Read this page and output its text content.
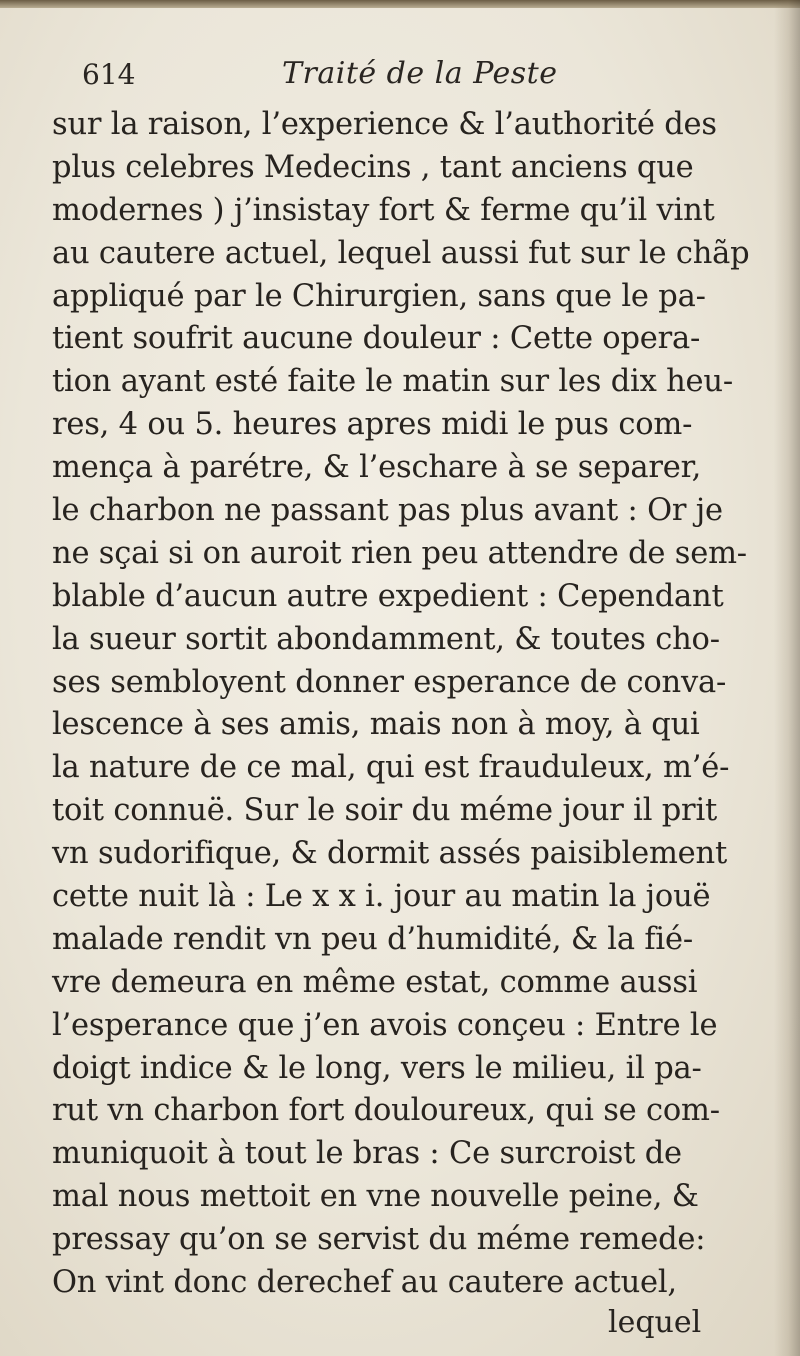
614	Traité de la Peste
sur la raison, l’experience & l’authorité des
plus celebres Medecins , tant anciens que
modernes ) j’insistay fort & ferme qu’il vint
au cautere actuel, lequel aussi fut sur le chãp
appliqué par le Chirurgien, sans que le pa-
tient soufrit aucune douleur : Cette opera-
tion ayant esté faite le matin sur les dix heu-
res, 4 ou 5. heures apres midi le pus com-
mença à parétre, & l’eschare à se separer,
le charbon ne passant pas plus avant : Or je
ne sçai si on auroit rien peu attendre de sem-
blable d’aucun autre expedient : Cependant
la sueur sortit abondamment, & toutes cho-
ses sembloyent donner esperance de conva-
lescence à ses amis, mais non à moy, à qui
la nature de ce mal, qui est frauduleux, m’é-
toit connuë. Sur le soir du méme jour il prit
vn sudorifique, & dormit assés paisiblement
cette nuit là : Le x x i. jour au matin la jouë
malade rendit vn peu d’humidité, & la fié-
vre demeura en même estat, comme aussi
l’esperance que j’en avois conçeu : Entre le
doigt indice & le long, vers le milieu, il pa-
rut vn charbon fort douloureux, qui se com-
muniquoit à tout le bras : Ce surcroist de
mal nous mettoit en vne nouvelle peine, &
pressay qu’on se servist du méme remede:
On vint donc derechef au cautere actuel,
lequel
